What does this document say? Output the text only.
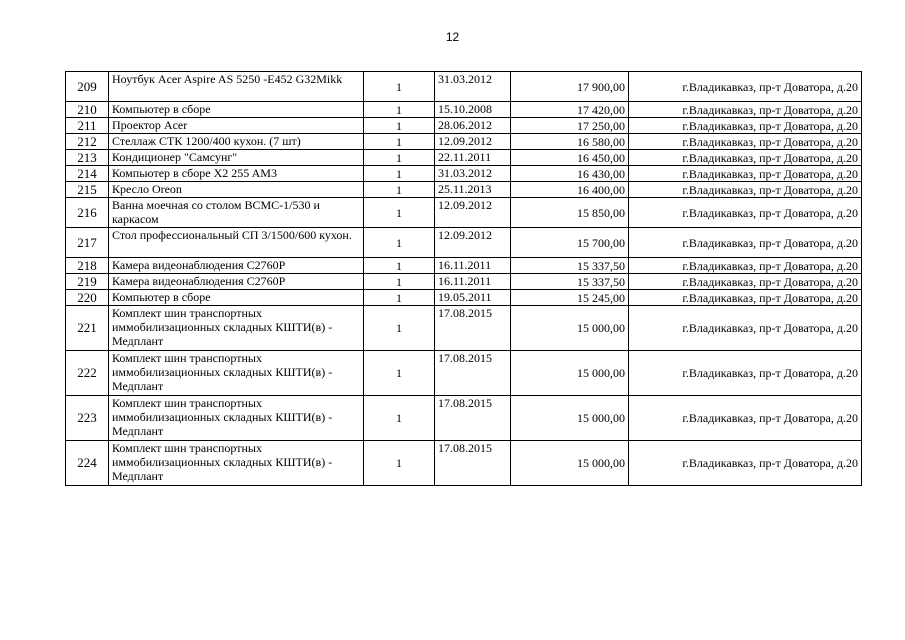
12
209	Ноутбук Acer Aspire AS 5250 -E452 G32Mikk	1	31.03.2012	17 900,00	г.Владикавказ, пр-т Доватора, д.20
210	Компьютер в сборе	1	15.10.2008	17 420,00	г.Владикавказ, пр-т Доватора, д.20
211	Проектор Acer	1	28.06.2012	17 250,00	г.Владикавказ, пр-т Доватора, д.20
212	Стеллаж СТК 1200/400 кухон. (7 шт)	1	12.09.2012	16 580,00	г.Владикавказ, пр-т Доватора, д.20
213	Кондиционер "Самсунг"	1	22.11.2011	16 450,00	г.Владикавказ, пр-т Доватора, д.20
214	Компьютер в сборе X2 255 AM3	1	31.03.2012	16 430,00	г.Владикавказ, пр-т Доватора, д.20
215	Кресло Oreon	1	25.11.2013	16 400,00	г.Владикавказ, пр-т Доватора, д.20
216	Ванна моечная со столом ВСМС-1/530 и каркасом	1	12.09.2012	15 850,00	г.Владикавказ, пр-т Доватора, д.20
217	Стол профессиональный СП 3/1500/600 кухон.	1	12.09.2012	15 700,00	г.Владикавказ, пр-т Доватора, д.20
218	Камера видеонаблюдения C2760P	1	16.11.2011	15 337,50	г.Владикавказ, пр-т Доватора, д.20
219	Камера видеонаблюдения C2760P	1	16.11.2011	15 337,50	г.Владикавказ, пр-т Доватора, д.20
220	Компьютер в сборе	1	19.05.2011	15 245,00	г.Владикавказ, пр-т Доватора, д.20
221	Комплект шин транспортных иммобилизационных складных КШТИ(в) - Медплант	1	17.08.2015	15 000,00	г.Владикавказ, пр-т Доватора, д.20
222	Комплект шин транспортных иммобилизационных складных КШТИ(в) - Медплант	1	17.08.2015	15 000,00	г.Владикавказ, пр-т Доватора, д.20
223	Комплект шин транспортных иммобилизационных складных КШТИ(в) - Медплант	1	17.08.2015	15 000,00	г.Владикавказ, пр-т Доватора, д.20
224	Комплект шин транспортных иммобилизационных складных КШТИ(в) - Медплант	1	17.08.2015	15 000,00	г.Владикавказ, пр-т Доватора, д.20
